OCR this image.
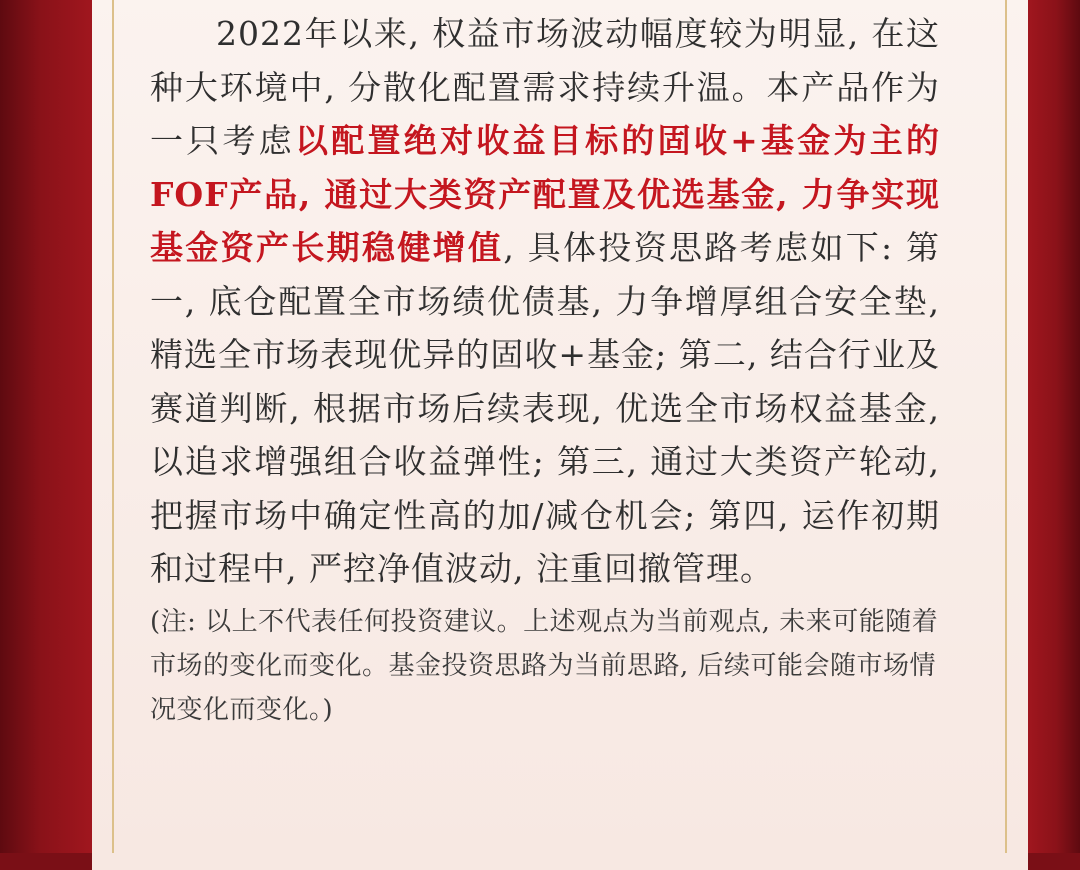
2022年以来, 权益市场波动幅度较为明显, 在这种大环境中, 分散化配置需求持续升温。本产品作为一只考虑以配置绝对收益目标的固收+基金为主的FOF产品, 通过大类资产配置及优选基金, 力争实现基金资产长期稳健增值, 具体投资思路考虑如下: 第一, 底仓配置全市场绩优债基, 力争增厚组合安全垫, 精选全市场表现优异的固收+基金; 第二, 结合行业及赛道判断, 根据市场后续表现, 优选全市场权益基金, 以追求增强组合收益弹性; 第三, 通过大类资产轮动, 把握市场中确定性高的加/减仓机会; 第四, 运作初期和过程中, 严控净值波动, 注重回撤管理。

(注: 以上不代表任何投资建议。上述观点为当前观点, 未来可能随着市场的变化而变化。基金投资思路为当前思路, 后续可能会随市场情况变化而变化。)
